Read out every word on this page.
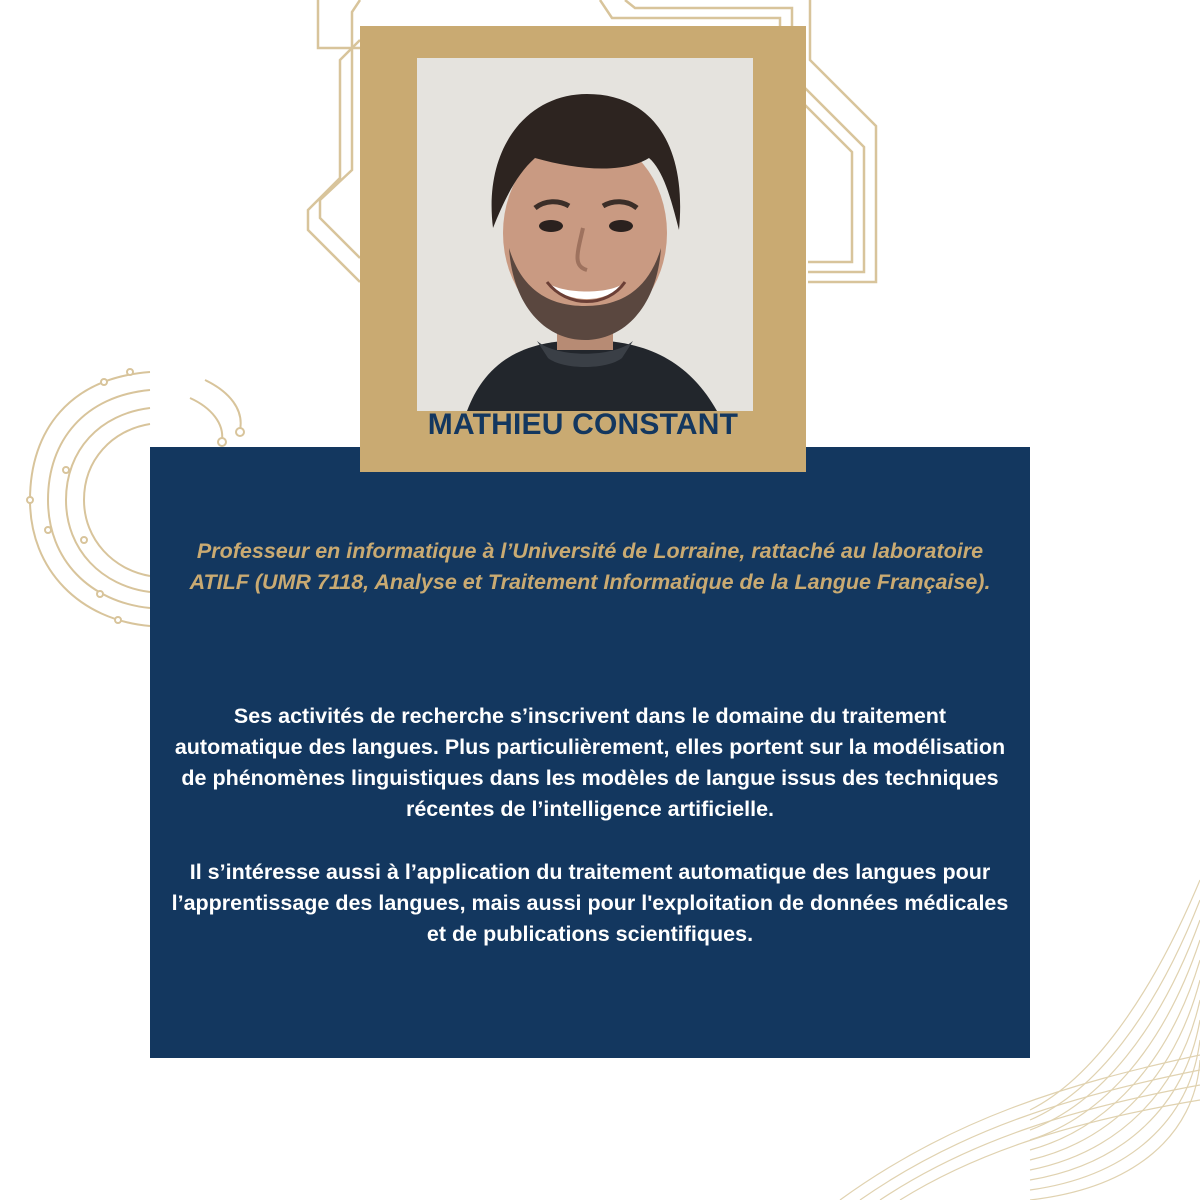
MATHIEU CONSTANT

Professeur en informatique à l’Université de Lorraine, rattaché au laboratoire ATILF (UMR 7118, Analyse et Traitement Informatique de la Langue Française).

Ses activités de recherche s’inscrivent dans le domaine du traitement automatique des langues. Plus particulièrement, elles portent sur la modélisation de phénomènes linguistiques dans les modèles de langue issus des techniques récentes de l’intelligence artificielle.

Il s’intéresse aussi à l’application du traitement automatique des langues pour l’apprentissage des langues, mais aussi pour l'exploitation de données médicales et de publications scientifiques.
